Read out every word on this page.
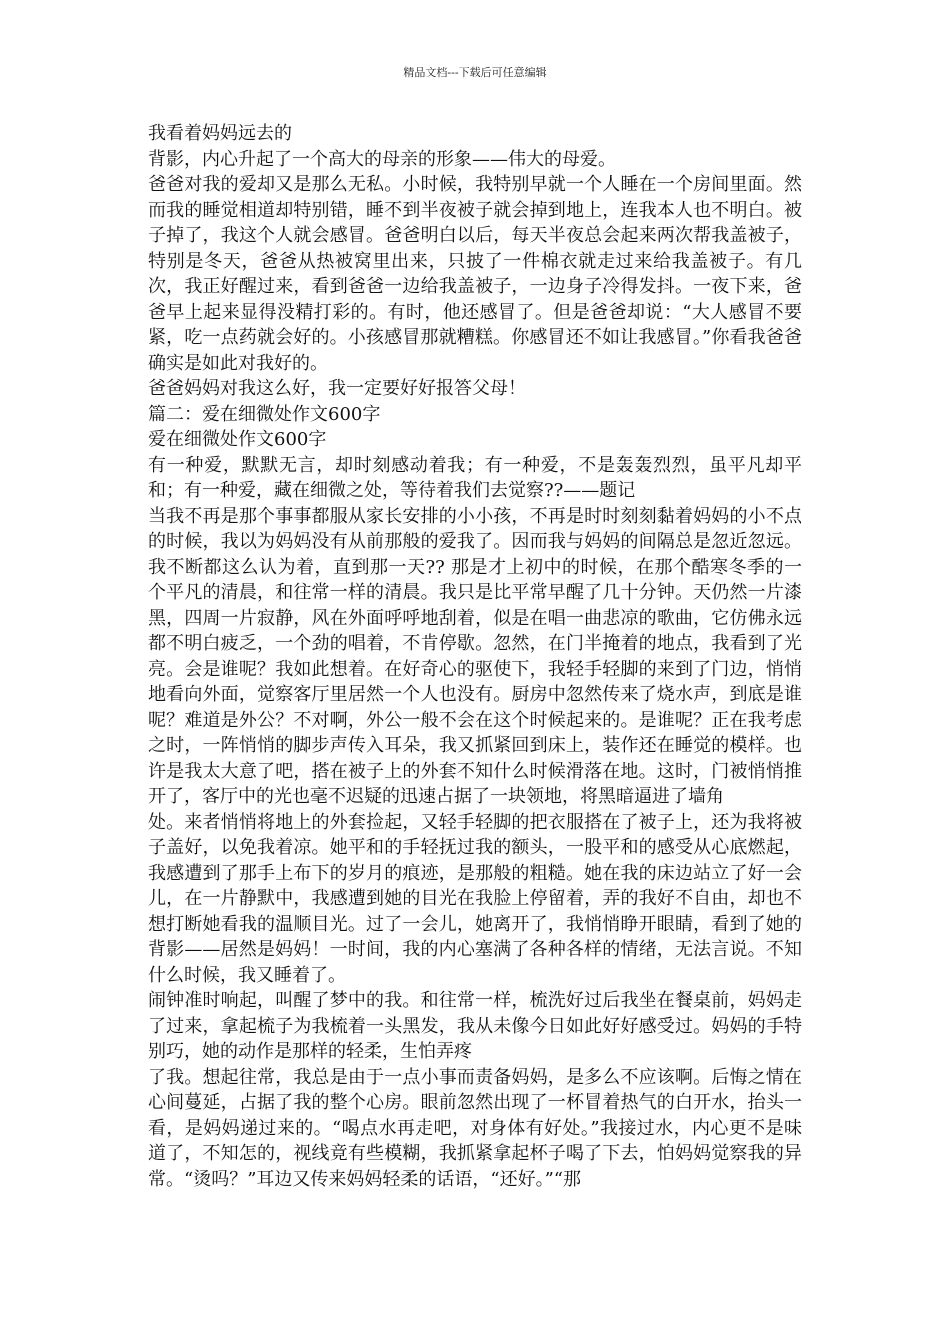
精品文档---下载后可任意编辑

我看着妈妈远去的

背影，内心升起了一个高大的母亲的形象——伟大的母爱。

爸爸对我的爱却又是那么无私。小时候，我特别早就一个人睡在一个房间里面。然而我的睡觉相道却特别错，睡不到半夜被子就会掉到地上，连我本人也不明白。被子掉了，我这个人就会感冒。爸爸明白以后，每天半夜总会起来两次帮我盖被子，特别是冬天，爸爸从热被窝里出来，只披了一件棉衣就走过来给我盖被子。有几次，我正好醒过来，看到爸爸一边给我盖被子，一边身子冷得发抖。一夜下来，爸爸早上起来显得没精打彩的。有时，他还感冒了。但是爸爸却说：“大人感冒不要紧，吃一点药就会好的。小孩感冒那就糟糕。你感冒还不如让我感冒。”你看我爸爸确实是如此对我好的。

爸爸妈妈对我这么好，我一定要好好报答父母！

篇二：爱在细微处作文600字

爱在细微处作文600字

有一种爱，默默无言，却时刻感动着我；有一种爱，不是轰轰烈烈，虽平凡却平和；有一种爱，藏在细微之处，等待着我们去觉察??——题记

当我不再是那个事事都服从家长安排的小小孩，不再是时时刻刻黏着妈妈的小不点的时候，我以为妈妈没有从前那般的爱我了。因而我与妈妈的间隔总是忽近忽远。我不断都这么认为着，直到那一天?? 那是才上初中的时候，在那个酷寒冬季的一个平凡的清晨，和往常一样的清晨。我只是比平常早醒了几十分钟。天仍然一片漆黑，四周一片寂静，风在外面呼呼地刮着，似是在唱一曲悲凉的歌曲，它仿佛永远都不明白疲乏，一个劲的唱着，不肯停歇。忽然，在门半掩着的地点，我看到了光亮。会是谁呢？我如此想着。在好奇心的驱使下，我轻手轻脚的来到了门边，悄悄地看向外面，觉察客厅里居然一个人也没有。厨房中忽然传来了烧水声，到底是谁呢？难道是外公？不对啊，外公一般不会在这个时候起来的。是谁呢？正在我考虑之时，一阵悄悄的脚步声传入耳朵，我又抓紧回到床上，装作还在睡觉的模样。也许是我太大意了吧，搭在被子上的外套不知什么时候滑落在地。这时，门被悄悄推开了，客厅中的光也毫不迟疑的迅速占据了一块领地，将黑暗逼进了墙角

处。来者悄悄将地上的外套捡起，又轻手轻脚的把衣服搭在了被子上，还为我将被子盖好，以免我着凉。她平和的手轻抚过我的额头，一股平和的感受从心底燃起，我感遭到了那手上布下的岁月的痕迹，是那般的粗糙。她在我的床边站立了好一会儿，在一片静默中，我感遭到她的目光在我脸上停留着，弄的我好不自由，却也不想打断她看我的温顺目光。过了一会儿，她离开了，我悄悄睁开眼睛，看到了她的背影——居然是妈妈！一时间，我的内心塞满了各种各样的情绪，无法言说。不知什么时候，我又睡着了。

闹钟准时响起，叫醒了梦中的我。和往常一样，梳洗好过后我坐在餐桌前，妈妈走了过来，拿起梳子为我梳着一头黑发，我从未像今日如此好好感受过。妈妈的手特别巧，她的动作是那样的轻柔，生怕弄疼

了我。想起往常，我总是由于一点小事而责备妈妈，是多么不应该啊。后悔之情在心间蔓延，占据了我的整个心房。眼前忽然出现了一杯冒着热气的白开水，抬头一看，是妈妈递过来的。“喝点水再走吧，对身体有好处。”我接过水，内心更不是味道了，不知怎的，视线竟有些模糊，我抓紧拿起杯子喝了下去，怕妈妈觉察我的异常。“烫吗？”耳边又传来妈妈轻柔的话语，“还好。”“那
